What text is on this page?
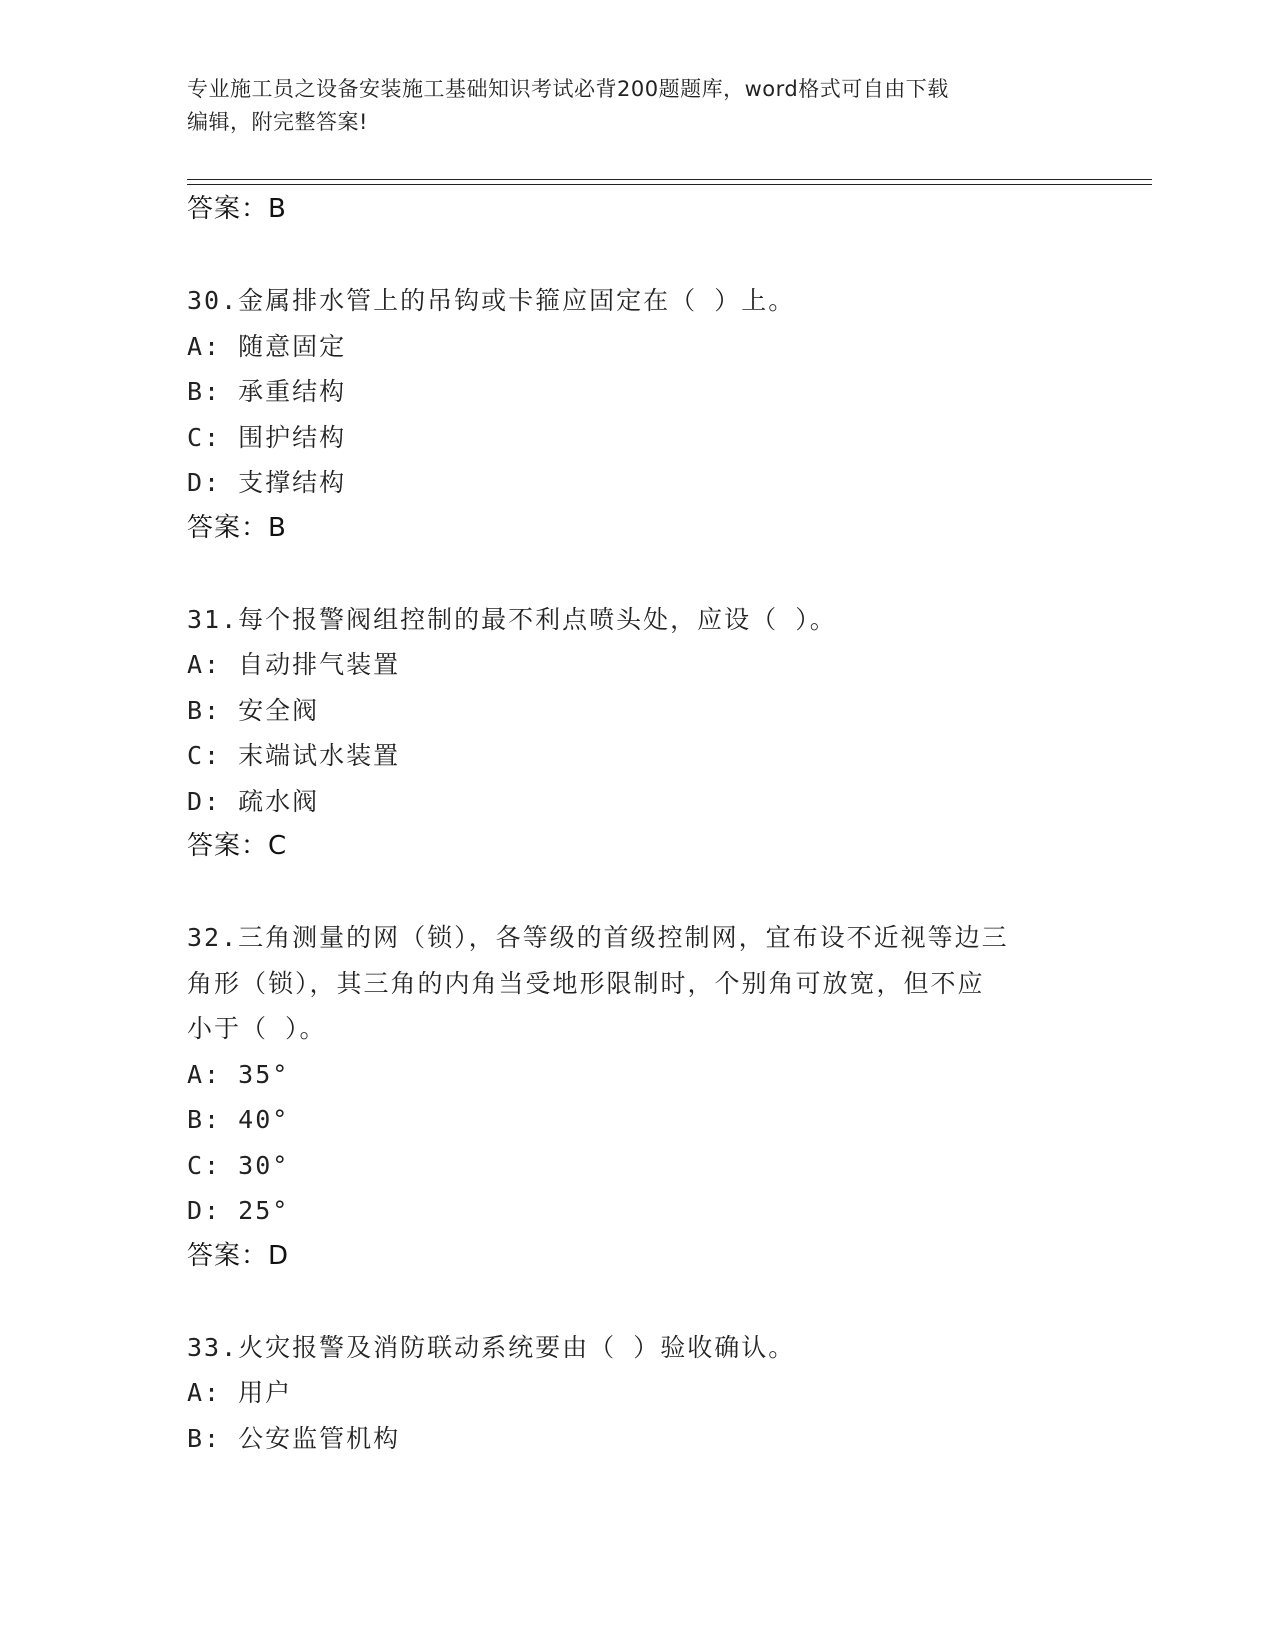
专业施工员之设备安装施工基础知识考试必背200题题库，word格式可自由下载
编辑，附完整答案!
答案：B
30.金属排水管上的吊钩或卡箍应固定在（ ）上。
A: 随意固定
B: 承重结构
C: 围护结构
D: 支撑结构
答案：B
31.每个报警阀组控制的最不利点喷头处，应设（ ）。
A: 自动排气装置
B: 安全阀
C: 末端试水装置
D: 疏水阀
答案：C
32.三角测量的网（锁），各等级的首级控制网，宜布设不近视等边三
角形（锁），其三角的内角当受地形限制时，个别角可放宽，但不应
小于（ ）。
A: 35°
B: 40°
C: 30°
D: 25°
答案：D
33.火灾报警及消防联动系统要由（ ）验收确认。
A: 用户
B: 公安监管机构
